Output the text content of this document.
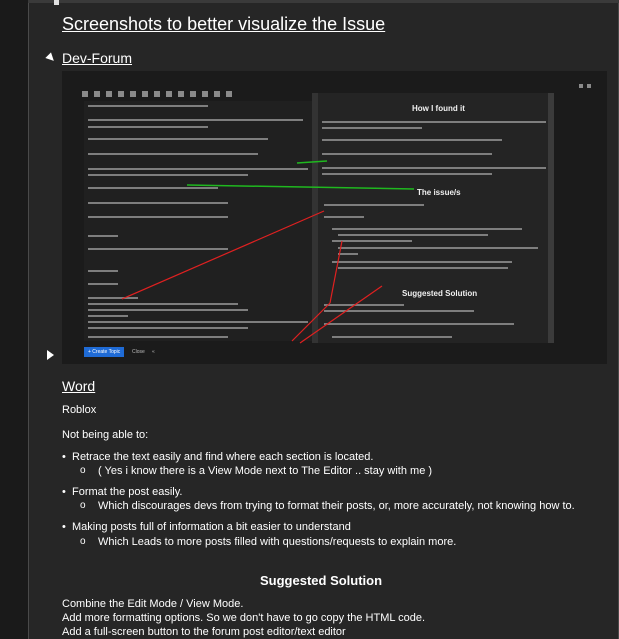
Screenshots to better visualize the Issue
Dev-Forum
How I found it
The issue/s
Suggested Solution
+ Create Topic	Close «
Word
Roblox
Not being able to:
• Retrace the text easily and find where each section is located.
o ( Yes i know there is a View Mode next to The Editor .. stay with me )
• Format the post easily.
o Which discourages devs from trying to format their posts, or, more accurately, not knowing how to.
• Making posts full of information a bit easier to understand
o Which Leads to more posts filled with questions/requests to explain more.
Suggested Solution
Combine the Edit Mode / View Mode.
Add more formatting options. So we don't have to go copy the HTML code.
Add a full-screen button to the forum post editor/text editor
